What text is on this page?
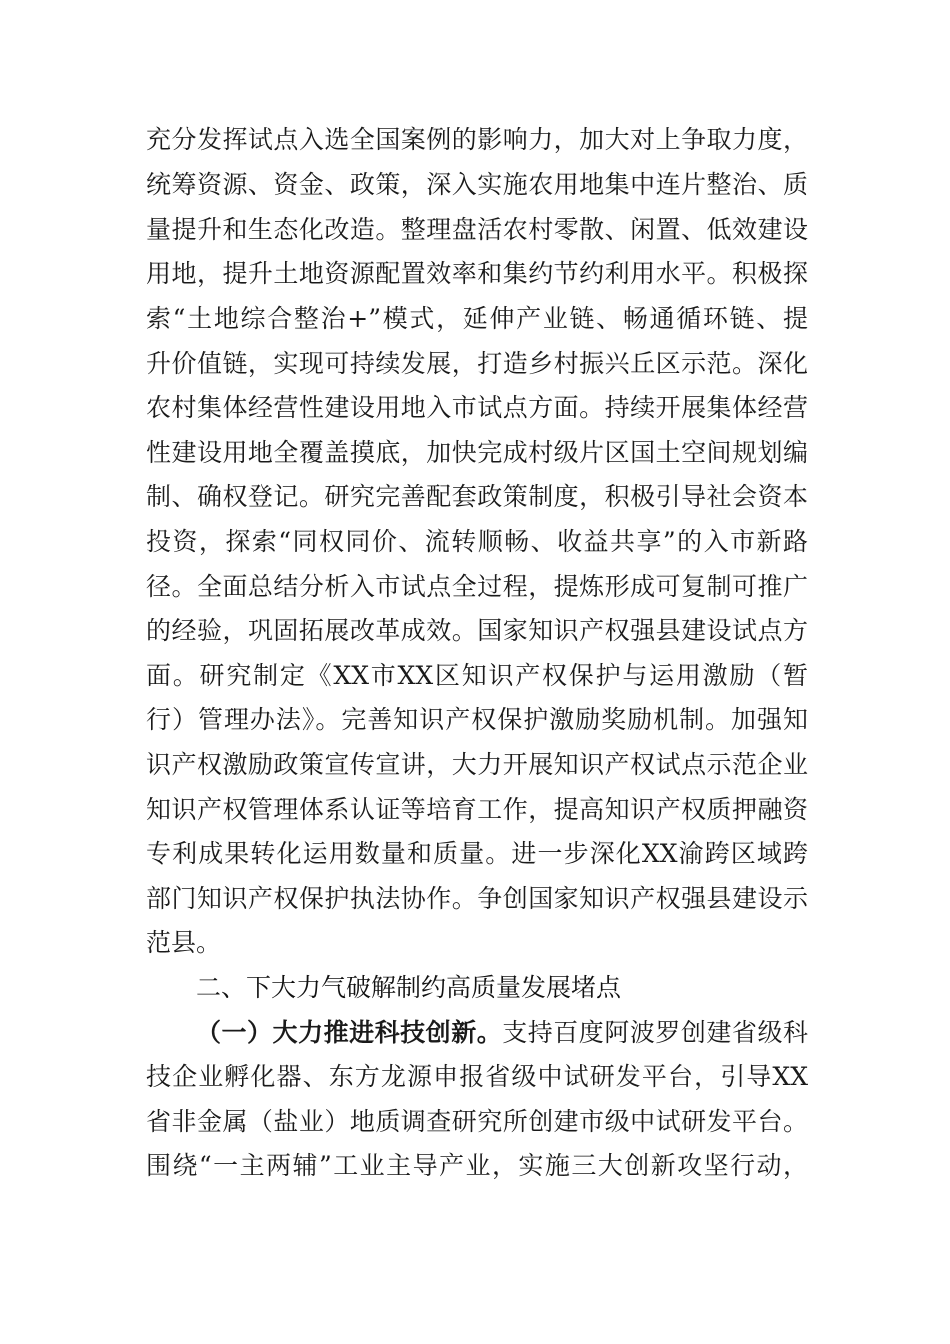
充分发挥试点入选全国案例的影响力，加大对上争取力度，
统筹资源、资金、政策，深入实施农用地集中连片整治、质
量提升和生态化改造。整理盘活农村零散、闲置、低效建设
用地，提升土地资源配置效率和集约节约利用水平。积极探
索“土地综合整治+”模式，延伸产业链、畅通循环链、提
升价值链，实现可持续发展，打造乡村振兴丘区示范。深化
农村集体经营性建设用地入市试点方面。持续开展集体经营
性建设用地全覆盖摸底，加快完成村级片区国土空间规划编
制、确权登记。研究完善配套政策制度，积极引导社会资本
投资，探索“同权同价、流转顺畅、收益共享”的入市新路
径。全面总结分析入市试点全过程，提炼形成可复制可推广
的经验，巩固拓展改革成效。国家知识产权强县建设试点方
面。研究制定《XX市XX区知识产权保护与运用激励（暂
行）管理办法》。完善知识产权保护激励奖励机制。加强知
识产权激励政策宣传宣讲，大力开展知识产权试点示范企业
知识产权管理体系认证等培育工作，提高知识产权质押融资
专利成果转化运用数量和质量。进一步深化XX渝跨区域跨
部门知识产权保护执法协作。争创国家知识产权强县建设示
范县。
二、下大力气破解制约高质量发展堵点
（一）大力推进科技创新。支持百度阿波罗创建省级科
技企业孵化器、东方龙源申报省级中试研发平台，引导XX
省非金属（盐业）地质调查研究所创建市级中试研发平台。
围绕“一主两辅”工业主导产业，实施三大创新攻坚行动，
